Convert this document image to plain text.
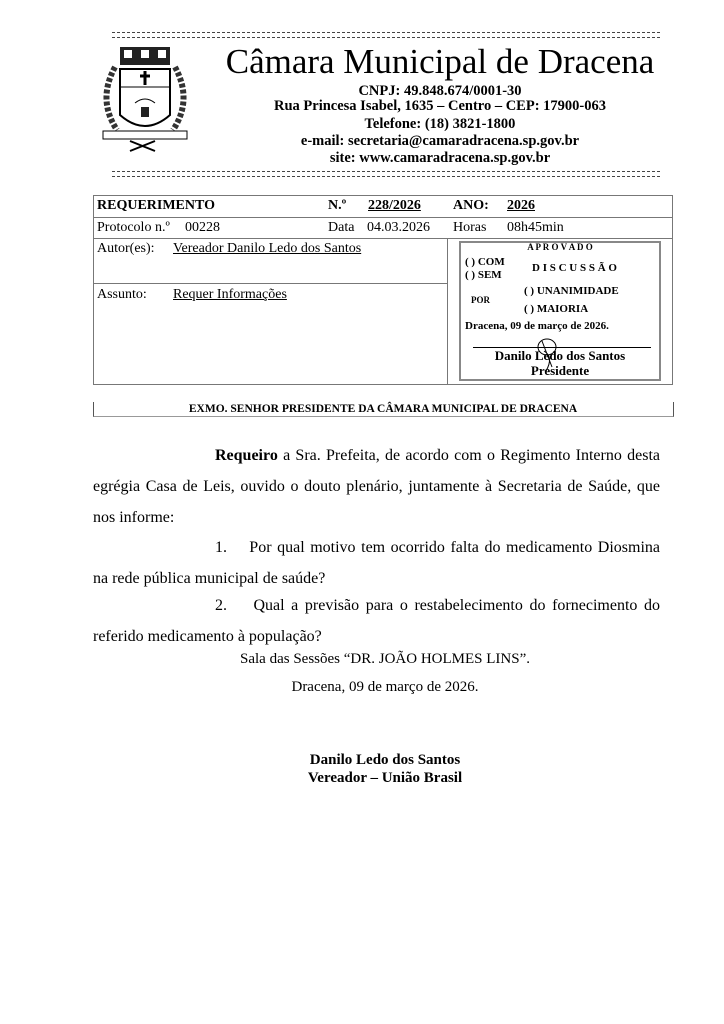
Câmara Municipal de Dracena
CNPJ: 49.848.674/0001-30
Rua Princesa Isabel, 1635 – Centro – CEP: 17900-063
Telefone: (18) 3821-1800
e-mail: secretaria@camaradracena.sp.gov.br
site: www.camaradracena.sp.gov.br
REQUERIMENTO	N.º 228/2026 ANO: 2026
Protocolo n.º 00228	Data 04.03.2026 Horas 08h45min
Autor(es): Vereador Danilo Ledo dos Santos
Assunto: Requer Informações
A P R O V A D O
( ) COM
( ) SEM
D I S C U S S Ã O
POR
( ) UNANIMIDADE
( ) MAIORIA
Dracena, 09 de março de 2026.
Danilo Ledo dos Santos
Presidente
EXMO. SENHOR PRESIDENTE DA CÂMARA MUNICIPAL DE DRACENA
Requeiro a Sra. Prefeita, de acordo com o Regimento Interno desta egrégia Casa de Leis, ouvido o douto plenário, juntamente à Secretaria de Saúde, que nos informe:
1. Por qual motivo tem ocorrido falta do medicamento Diosmina na rede pública municipal de saúde?
2. Qual a previsão para o restabelecimento do fornecimento do referido medicamento à população?
Sala das Sessões “DR. JOÃO HOLMES LINS”.
Dracena, 09 de março de 2026.
Danilo Ledo dos Santos
Vereador – União Brasil
